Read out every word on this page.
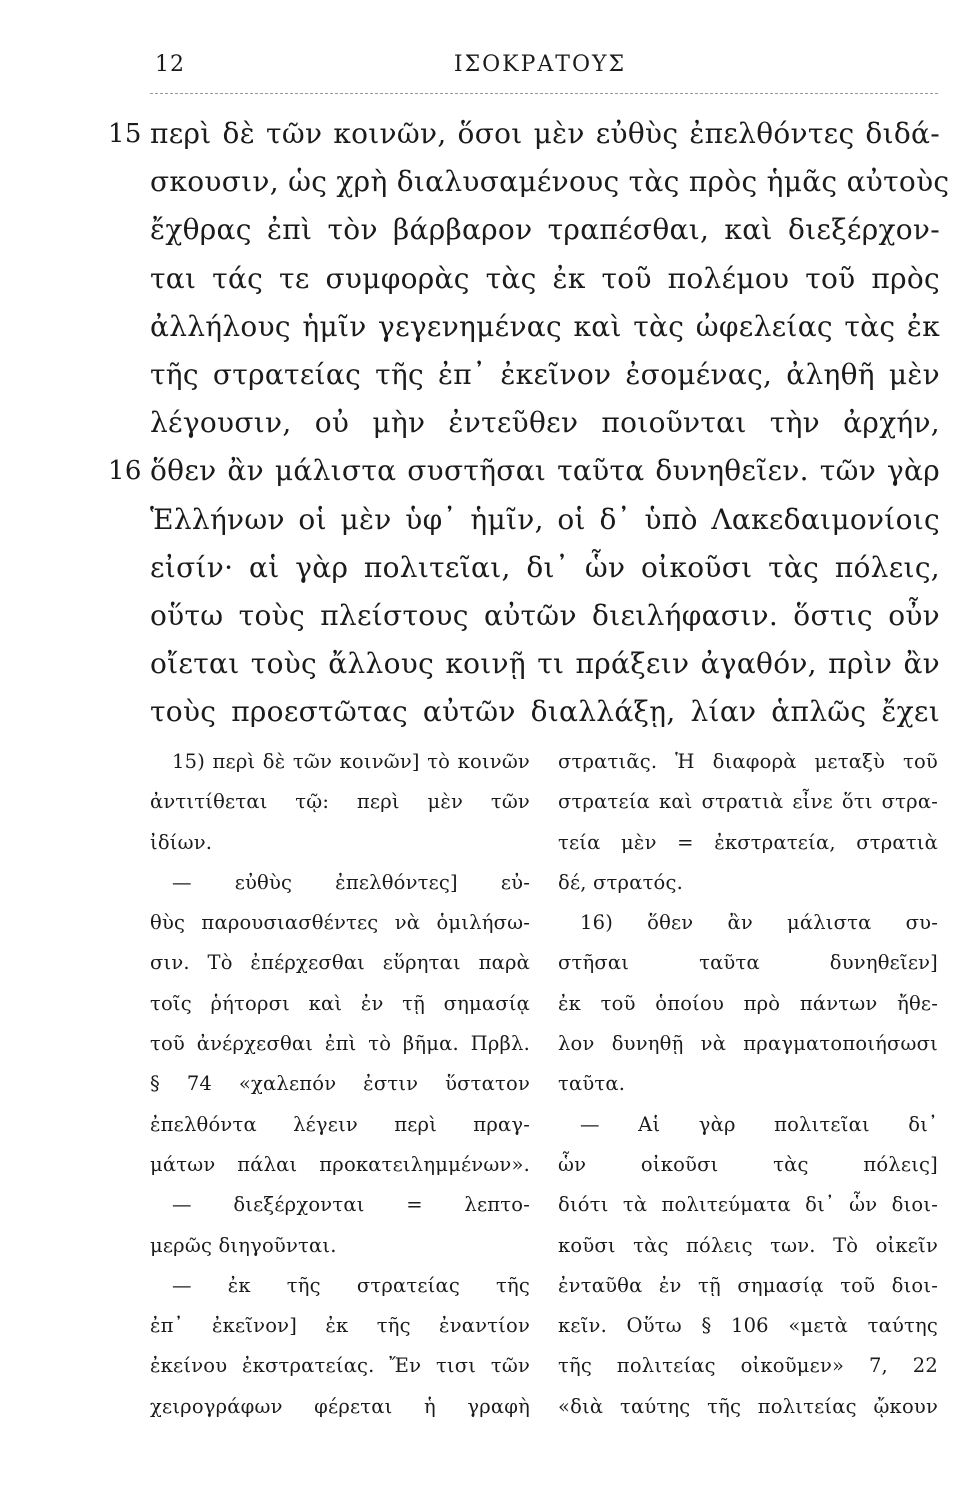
12	ΙΣΟΚΡΑΤΟΥΣ
15 περὶ δὲ τῶν κοινῶν, ὅσοι μὲν εὐθὺς ἐπελθόντες διδά-
σκουσιν, ὡς χρὴ διαλυσαμένους τὰς πρὸς ἡμᾶς αὐτοὺς
ἔχθρας ἐπὶ τὸν βάρβαρον τραπέσθαι, καὶ διεξέρχον-
ται τάς τε συμφορὰς τὰς ἐκ τοῦ πολέμου τοῦ πρὸς
ἀλλήλους ἡμῖν γεγενημένας καὶ τὰς ὠφελείας τὰς ἐκ
τῆς στρατείας τῆς ἐπ᾽ ἐκεῖνον ἐσομένας, ἀληθῆ μὲν
λέγουσιν, οὐ μὴν ἐντεῦθεν ποιοῦνται τὴν ἀρχήν,
16 ὅθεν ἂν μάλιστα συστῆσαι ταῦτα δυνηθεῖεν. τῶν γὰρ
Ἑλλήνων οἱ μὲν ὑφ᾽ ἡμῖν, οἱ δ᾽ ὑπὸ Λακεδαιμονίοις
εἰσίν· αἱ γὰρ πολιτεῖαι, δι᾽ ὧν οἰκοῦσι τὰς πόλεις,
οὕτω τοὺς πλείστους αὐτῶν διειλήφασιν. ὅστις οὖν
οἴεται τοὺς ἄλλους κοινῇ τι πράξειν ἀγαθόν, πρὶν ἂν
τοὺς προεστῶτας αὐτῶν διαλλάξῃ, λίαν ἁπλῶς ἔχει
15) περὶ δὲ τῶν κοινῶν] τὸ κοινῶν
ἀντιτίθεται τῷ: περὶ μὲν τῶν
ἰδίων.
— εὐθὺς ἐπελθόντες] εὐ-
θὺς παρουσιασθέντες νὰ ὁμιλήσω-
σιν. Τὸ ἐπέρχεσθαι εὕρηται παρὰ
τοῖς ῥήτορσι καὶ ἐν τῇ σημασίᾳ
τοῦ ἀνέρχεσθαι ἐπὶ τὸ βῆμα. Πρβλ.
§ 74 «χαλεπόν ἐστιν ὕστατον
ἐπελθόντα λέγειν περὶ πραγ-
μάτων πάλαι προκατειλημμένων».
— διεξέρχονται = λεπτο-
μερῶς διηγοῦνται.
— ἐκ τῆς στρατείας τῆς
ἐπ᾽ ἐκεῖνον] ἐκ τῆς ἐναντίον
ἐκείνου ἐκστρατείας. Ἔν τισι τῶν
χειρογράφων φέρεται ἡ γραφὴ
στρατιᾶς. Ἡ διαφορὰ μεταξὺ τοῦ
στρατεία καὶ στρατιὰ εἶνε ὅτι στρα-
τεία μὲν = ἐκστρατεία, στρατιὰ
δέ, στρατός.
16) ὅθεν ἂν μάλιστα συ-
στῆσαι ταῦτα δυνηθεῖεν]
ἐκ τοῦ ὁποίου πρὸ πάντων ἤθε-
λον δυνηθῇ νὰ πραγματοποιήσωσι
ταῦτα.
— Αἱ γὰρ πολιτεῖαι δι᾽
ὧν οἰκοῦσι τὰς πόλεις]
διότι τὰ πολιτεύματα δι᾽ ὧν διοι-
κοῦσι τὰς πόλεις των. Τὸ οἰκεῖν
ἐνταῦθα ἐν τῇ σημασίᾳ τοῦ διοι-
κεῖν. Οὕτω § 106 «μετὰ ταύτης
τῆς πολιτείας οἰκοῦμεν» 7, 22
«διὰ ταύτης τῆς πολιτείας ᾤκουν
